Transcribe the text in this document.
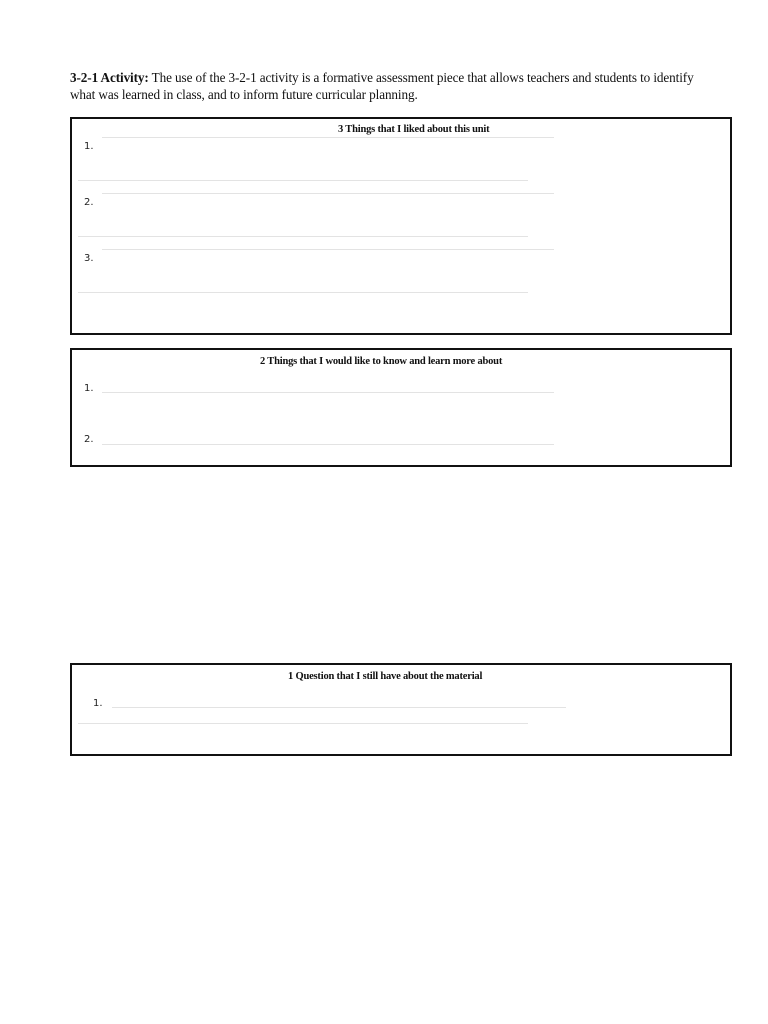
3-2-1 Activity: The use of the 3-2-1 activity is a formative assessment piece that allows teachers and students to identify what was learned in class, and to inform future curricular planning.
3 Things that I liked about this unit
1.
2.
3.
2 Things that I would like to know and learn more about
1.
2.
1 Question that I still have about the material
1.
